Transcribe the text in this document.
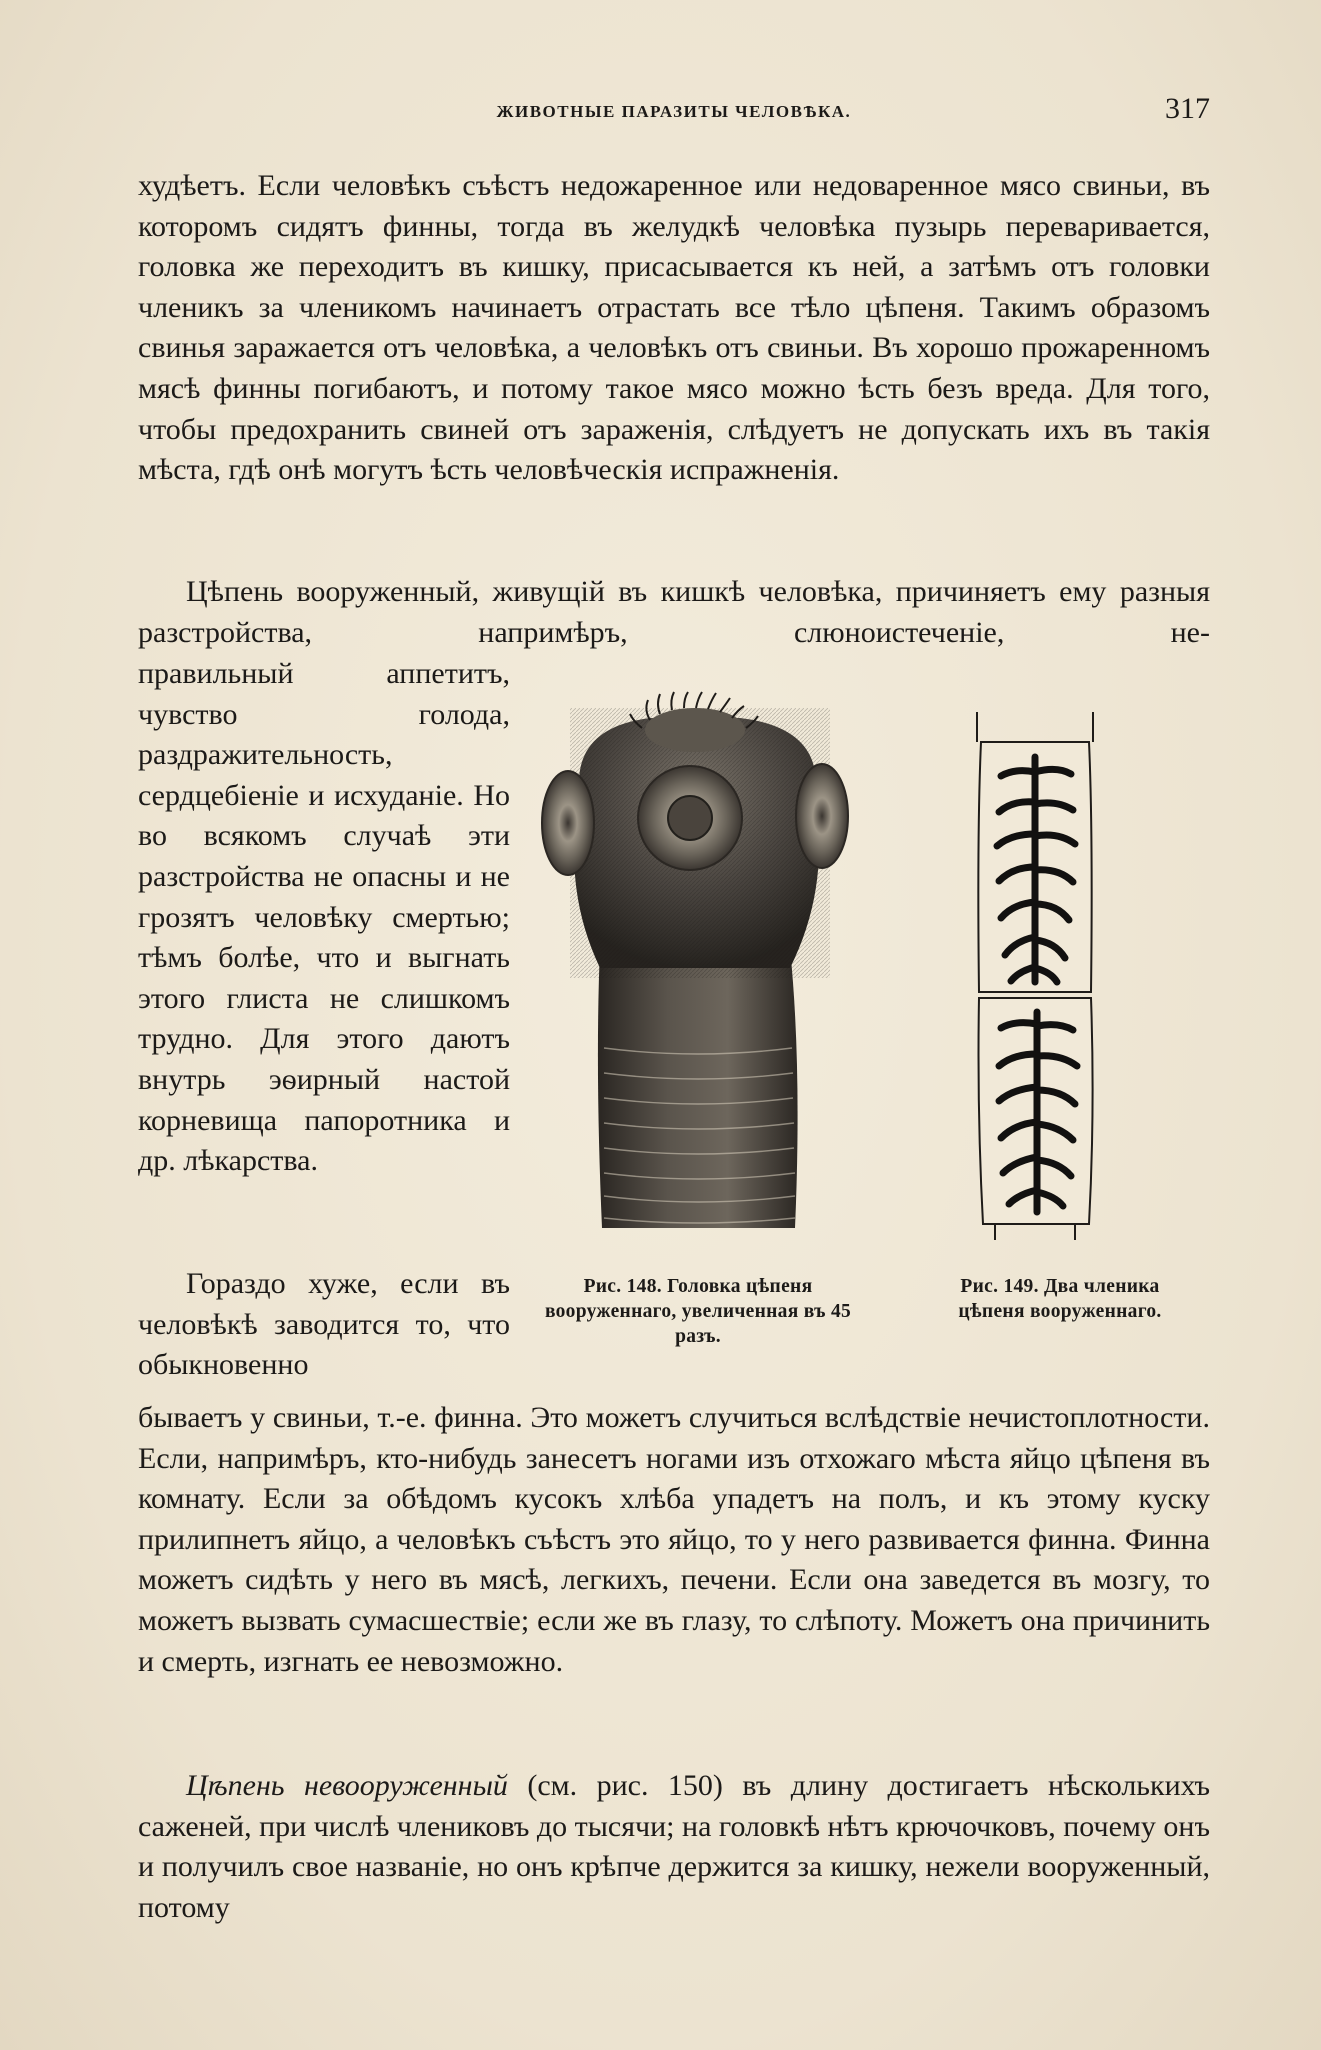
ЖИВОТНЫЕ ПАРАЗИТЫ ЧЕЛОВѢКА.	317

худѣетъ. Если человѣкъ съѣстъ недожаренное или недоваренное мясо свиньи, въ которомъ сидятъ финны, тогда въ желудкѣ человѣка пузырь переваривается, головка же переходитъ въ кишку, присасывается къ ней, а затѣмъ отъ головки членикъ за членикомъ начинаетъ отрастать все тѣло цѣпеня. Такимъ образомъ свинья заражается отъ человѣка, а человѣкъ отъ свиньи. Въ хорошо прожаренномъ мясѣ финны погибаютъ, и потому такое мясо можно ѣсть безъ вреда. Для того, чтобы предохранить свиней отъ зараженія, слѣдуетъ не допускать ихъ въ такія мѣста, гдѣ онѣ могутъ ѣсть человѣческія испражненія.

Цѣпень вооруженный, живущій въ кишкѣ человѣка, причиняетъ ему разныя разстройства, напримѣръ, слюноистеченіе, не-

правильный аппетитъ, чувство голода, раздражительность, сердцебіеніе и исхуданіе. Но во всякомъ случаѣ эти разстройства не опасны и не грозятъ человѣку смертью; тѣмъ болѣе, что и выгнать этого глиста не слишкомъ трудно. Для этого даютъ внутрь эѳирный настой корневища папоротника и др. лѣкарства.

Гораздо хуже, если въ человѣкѣ заводится то, что обыкновенно

бываетъ у свиньи, т.-е. финна. Это можетъ случиться вслѣдствіе нечистоплотности. Если, напримѣръ, кто-нибудь занесетъ ногами изъ отхожаго мѣста яйцо цѣпеня въ комнату. Если за обѣдомъ кусокъ хлѣба упадетъ на полъ, и къ этому куску прилипнетъ яйцо, а человѣкъ съѣстъ это яйцо, то у него развивается финна. Финна можетъ сидѣть у него въ мясѣ, легкихъ, печени. Если она заведется въ мозгу, то можетъ вызвать сумасшествіе; если же въ глазу, то слѣпоту. Можетъ она причинить и смерть, изгнать ее невозможно.

Цѣпень невооруженный (см. рис. 150) въ длину достигаетъ нѣсколькихъ саженей, при числѣ члениковъ до тысячи; на головкѣ нѣтъ крючочковъ, почему онъ и получилъ свое названіе, но онъ крѣпче держится за кишку, нежели вооруженный, потому

Рис. 148. Головка цѣпеня вооруженнаго, увеличенная въ 45 разъ.
Рис. 149. Два членика цѣпеня вооруженнаго.
